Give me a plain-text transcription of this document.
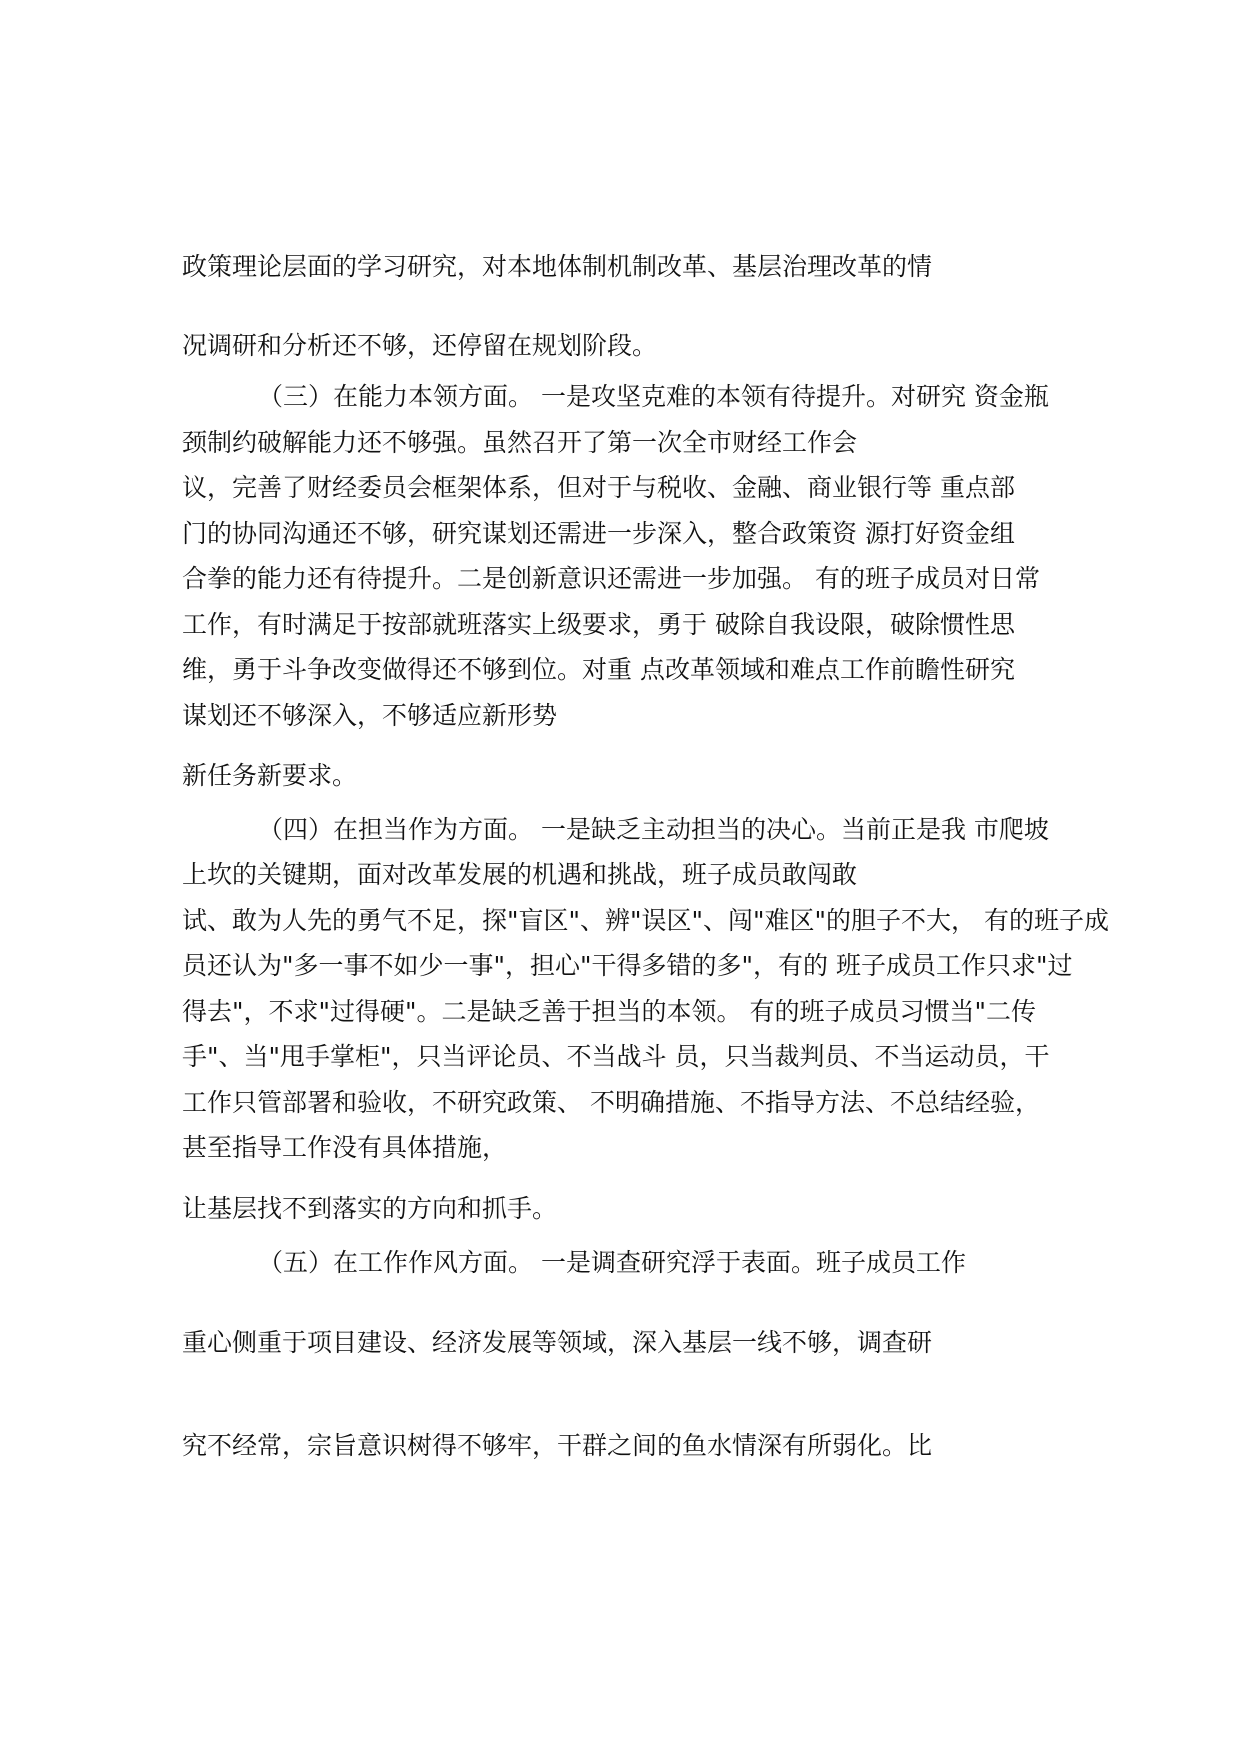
政策理论层面的学习研究，对本地体制机制改革、基层治理改革的情
况调研和分析还不够，还停留在规划阶段。
（三）在能力本领方面。 一是攻坚克难的本领有待提升。对研究 资金瓶
颈制约破解能力还不够强。虽然召开了第一次全市财经工作会
议，完善了财经委员会框架体系，但对于与税收、金融、商业银行等 重点部
门的协同沟通还不够，研究谋划还需进一步深入，整合政策资 源打好资金组
合拳的能力还有待提升。二是创新意识还需进一步加强。 有的班子成员对日常
工作，有时满足于按部就班落实上级要求，勇于 破除自我设限，破除惯性思
维，勇于斗争改变做得还不够到位。对重 点改革领域和难点工作前瞻性研究
谋划还不够深入，不够适应新形势
新任务新要求。
（四）在担当作为方面。 一是缺乏主动担当的决心。当前正是我 市爬坡
上坎的关键期，面对改革发展的机遇和挑战，班子成员敢闯敢
试、敢为人先的勇气不足，探"盲区"、辨"误区"、闯"难区"的胆子不大， 有的班子成
员还认为"多一事不如少一事"，担心"干得多错的多"，有的 班子成员工作只求"过
得去"，不求"过得硬"。二是缺乏善于担当的本领。 有的班子成员习惯当"二传
手"、当"甩手掌柜"，只当评论员、不当战斗 员，只当裁判员、不当运动员，干
工作只管部署和验收，不研究政策、 不明确措施、不指导方法、不总结经验，
甚至指导工作没有具体措施，
让基层找不到落实的方向和抓手。
（五）在工作作风方面。 一是调查研究浮于表面。班子成员工作
重心侧重于项目建设、经济发展等领域，深入基层一线不够，调查研
究不经常，宗旨意识树得不够牢，干群之间的鱼水情深有所弱化。比
